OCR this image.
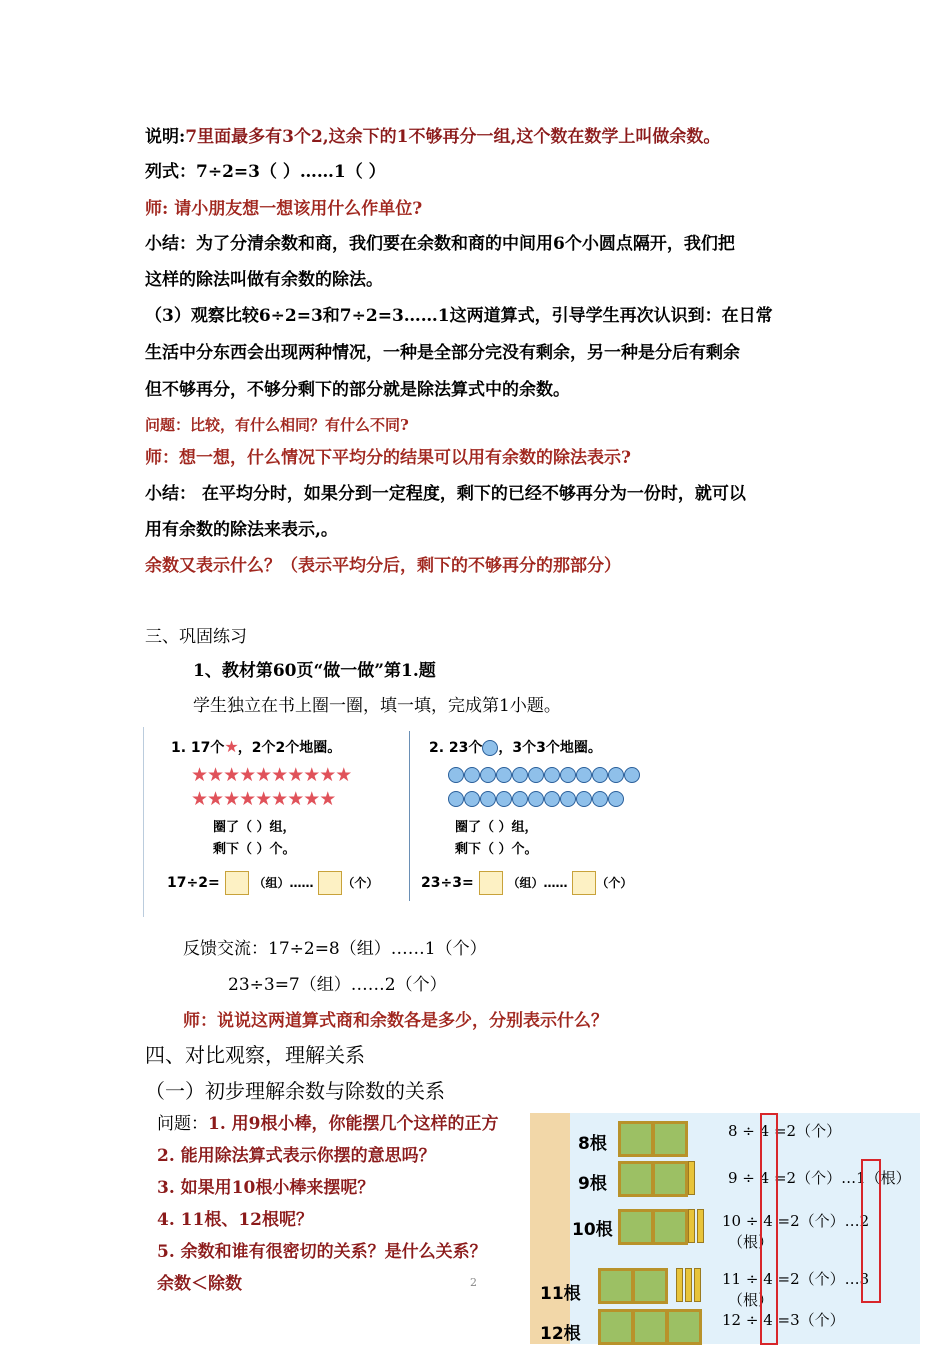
说明:7里面最多有3个2,这余下的1不够再分一组,这个数在数学上叫做余数。
列式：7÷2=3（ ）……1（ ）
师: 请小朋友想一想该用什么作单位?
小结：为了分清余数和商，我们要在余数和商的中间用6个小圆点隔开，我们把
这样的除法叫做有余数的除法。
（3）观察比较6÷2=3和7÷2=3……1这两道算式，引导学生再次认识到：在日常
生活中分东西会出现两种情况，一种是全部分完没有剩余，另一种是分后有剩余
但不够再分，不够分剩下的部分就是除法算式中的余数。
问题：比较，有什么相同？有什么不同?
师：想一想，什么情况下平均分的结果可以用有余数的除法表示?
小结： 在平均分时，如果分到一定程度，剩下的已经不够再分为一份时，就可以
用有余数的除法来表示,。
余数又表示什么？（表示平均分后，剩下的不够再分的那部分）
三、巩固练习
1、教材第60页“做一做”第1.题
学生独立在书上圈一圈，填一填，完成第1小题。
1. 17个★，2个2个地圈。
★★★★★★★★★★
★★★★★★★★★
圈了（ ）组，
剩下（ ）个。
17÷2=	（组）…… （个）
2. 23个 ，3个3个地圈。
圈了（ ）组，
剩下（ ）个。
23÷3=	（组）…… （个）
反馈交流：17÷2=8（组）……1（个）
23÷3=7（组）……2（个）
师：说说这两道算式商和余数各是多少，分别表示什么？
四、对比观察，理解关系
（一）初步理解余数与除数的关系
问题：1. 用9根小棒，你能摆几个这样的正方
2. 能用除法算式表示你摆的意思吗？
3. 如果用10根小棒来摆呢？
4. 11根、12根呢？
5. 余数和谁有很密切的关系？是什么关系？
余数＜除数	2
8根
8 ÷ 4 =2（个）
9根	9 ÷ 4 =2（个）…1（根）
10根	10 ÷ 4 =2（个）…2
（根）
11根
11 ÷ 4 =2（个）…3
（根）
12根
12 ÷ 4 =3（个）
